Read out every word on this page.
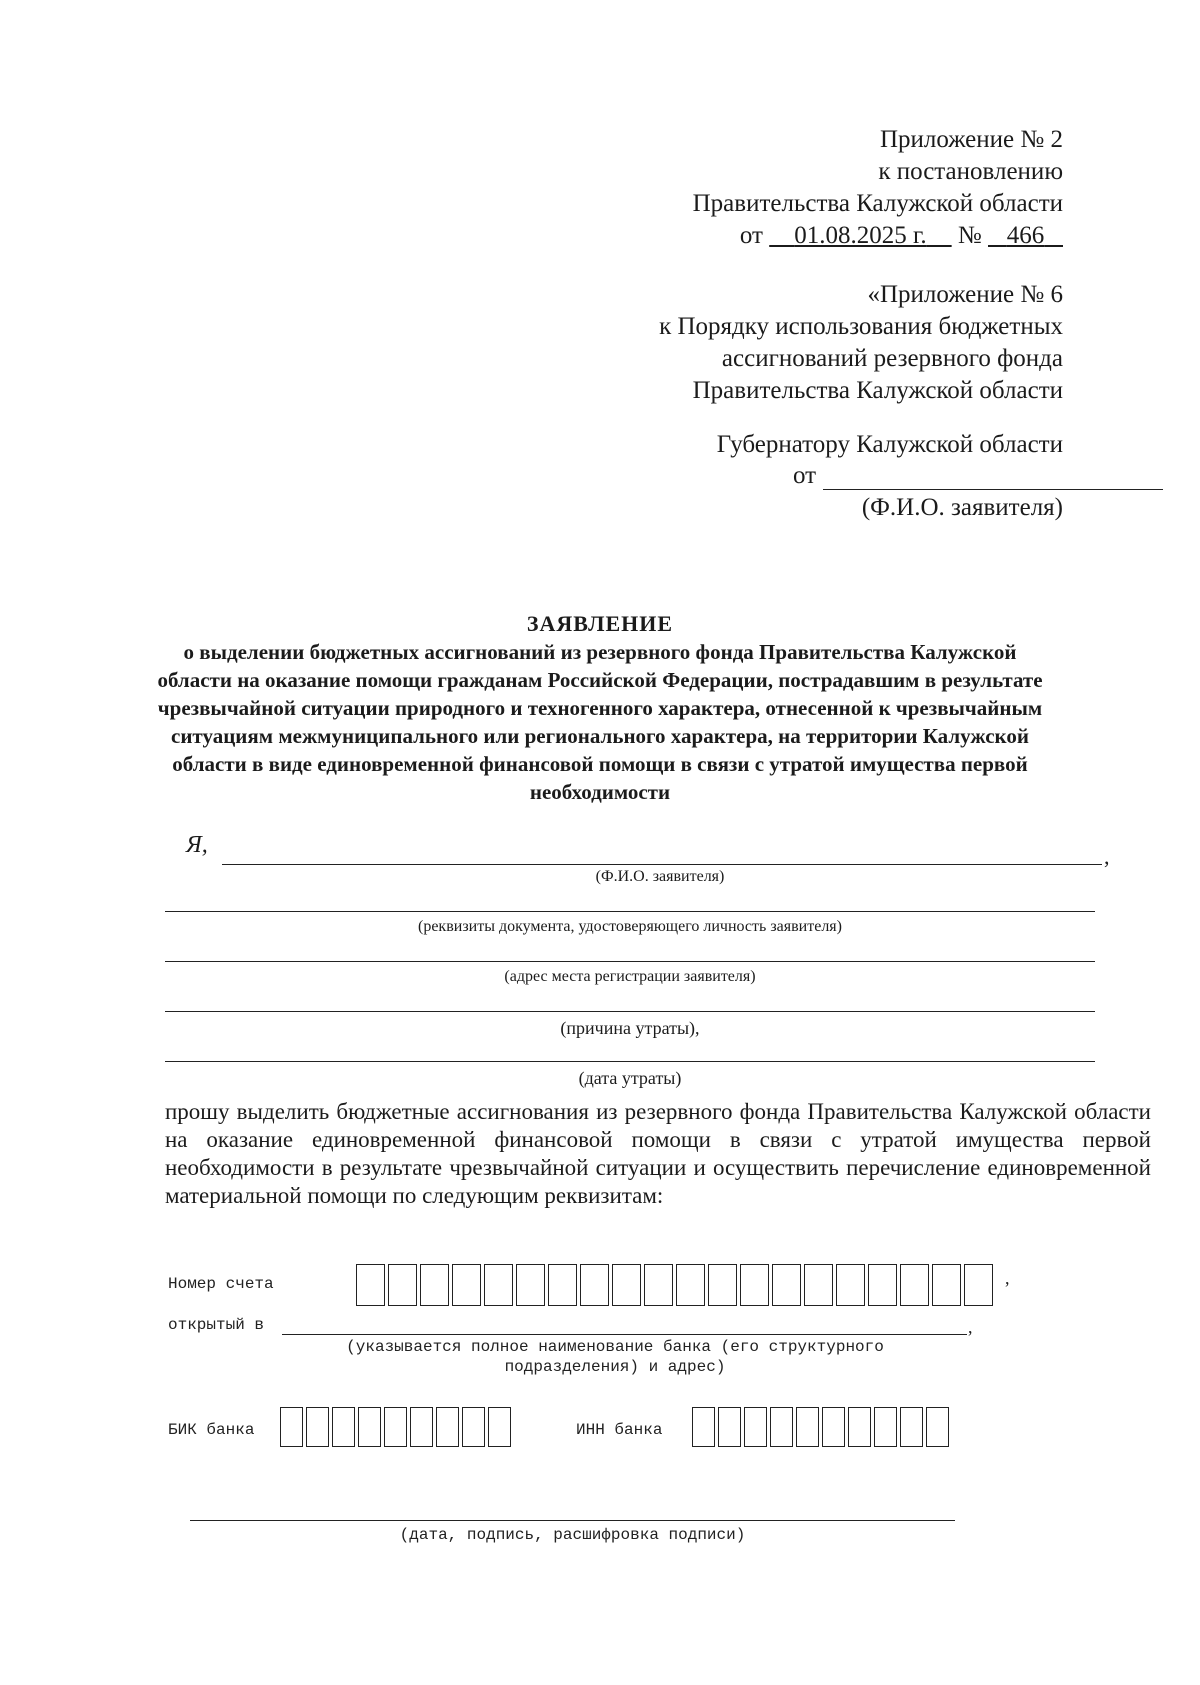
Приложение № 2
к постановлению
Правительства Калужской области
от 01.08.2025 г. № 466
«Приложение № 6
к Порядку использования бюджетных
ассигнований резервного фонда
Правительства Калужской области
Губернатору Калужской области
от
(Ф.И.О. заявителя)
ЗАЯВЛЕНИЕ
о выделении бюджетных ассигнований из резервного фонда Правительства Калужской области на оказание помощи гражданам Российской Федерации, пострадавшим в результате чрезвычайной ситуации природного и техногенного характера, отнесенной к чрезвычайным ситуациям межмуниципального или регионального характера, на территории Калужской области в виде единовременной финансовой помощи в связи с утратой имущества первой необходимости
Я,	,
(Ф.И.О. заявителя)
(реквизиты документа, удостоверяющего личность заявителя)
(адрес места регистрации заявителя)
(причина утраты),
(дата утраты)
прошу выделить бюджетные ассигнования из резервного фонда Правительства Калужской области на оказание единовременной финансовой помощи в связи с утратой имущества первой необходимости в результате чрезвычайной ситуации и осуществить перечисление единовременной материальной помощи по следующим реквизитам:
Номер счета	,
открытый в	,
(указывается полное наименование банка (его структурного
подразделения) и адрес)
БИК банка	ИНН банка
(дата, подпись, расшифровка подписи)
